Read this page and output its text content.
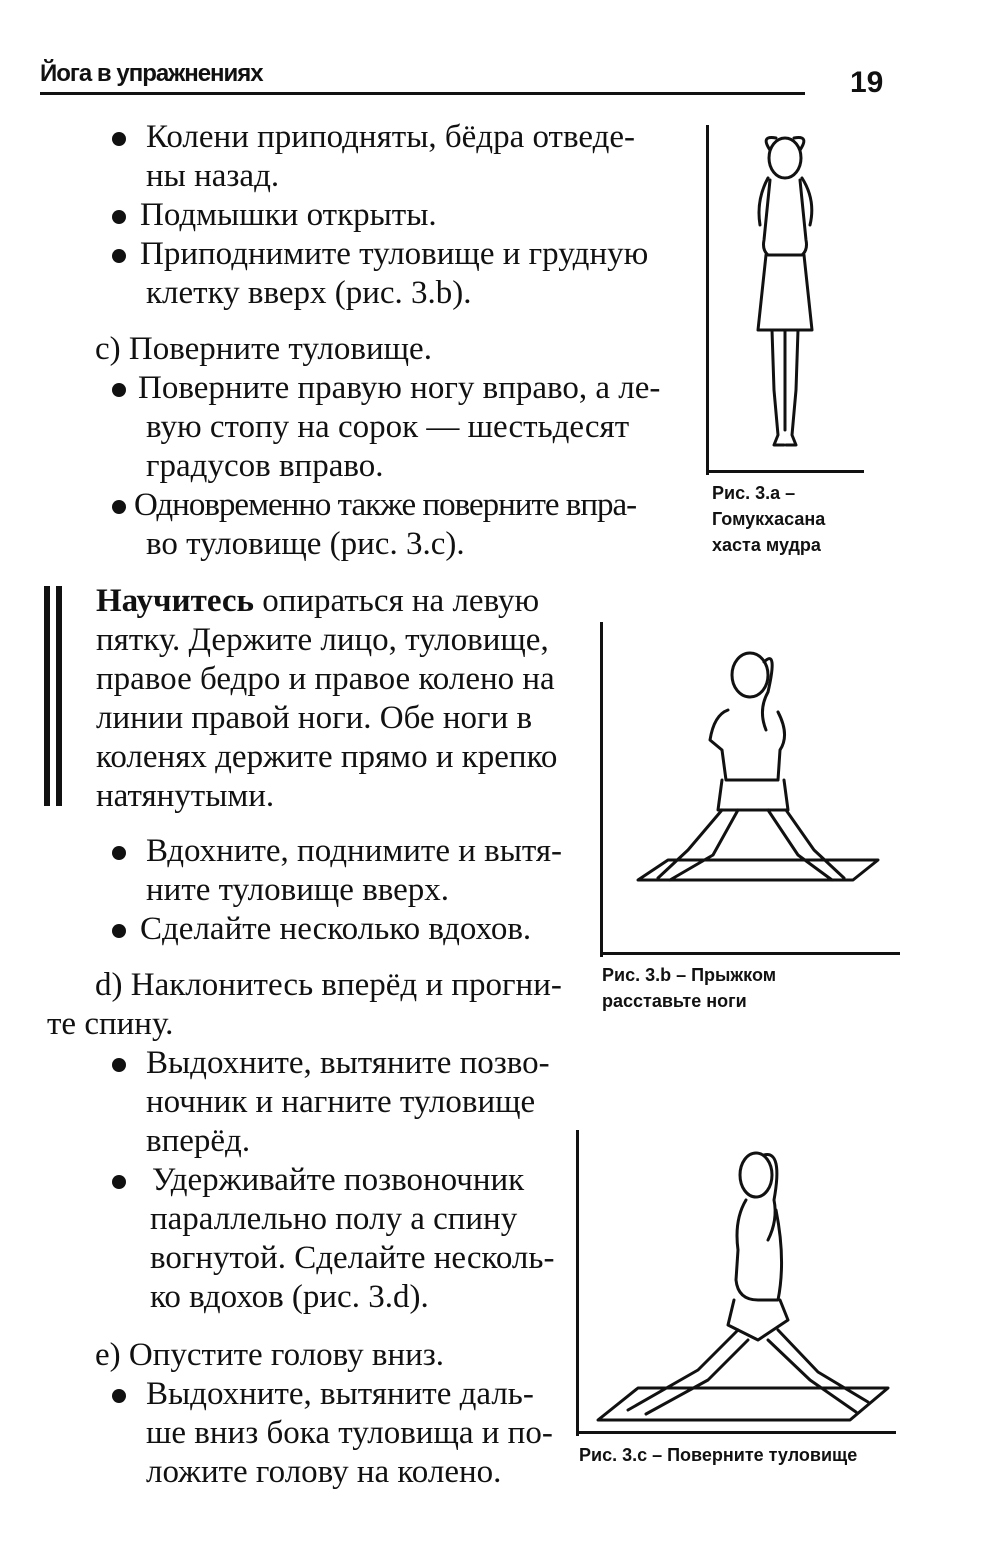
Йога в упражнениях	19
Колени приподняты, бёдра отведе-
ны назад.
Подмышки открыты.
Приподнимите туловище и грудную
клетку вверх (рис. 3.b).
c) Поверните туловище.
Поверните правую ногу вправо, а ле-
вую стопу на сорок — шестьдесят
градусов вправо.
Одновременно также поверните впра-
во туловище (рис. 3.c).
Научитесь опираться на левую
пятку. Держите лицо, туловище,
правое бедро и правое колено на
линии правой ноги. Обе ноги в
коленях держите прямо и крепко
натянутыми.
Вдохните, поднимите и вытя-
ните туловище вверх.
Сделайте несколько вдохов.
d) Наклонитесь вперёд и прогни-
те спину.
Выдохните, вытяните позво-
ночник и нагните туловище
вперёд.
Удерживайте позвоночник
параллельно полу а спину
вогнутой. Сделайте несколь-
ко вдохов (рис. 3.d).
e) Опустите голову вниз.
Выдохните, вытяните даль-
ше вниз бока туловища и по-
ложите голову на колено.
Рис. 3.a –
Гомукхасана
хаста мудра
Рис. 3.b – Прыжком
расставьте ноги
Рис. 3.c – Поверните туловище
